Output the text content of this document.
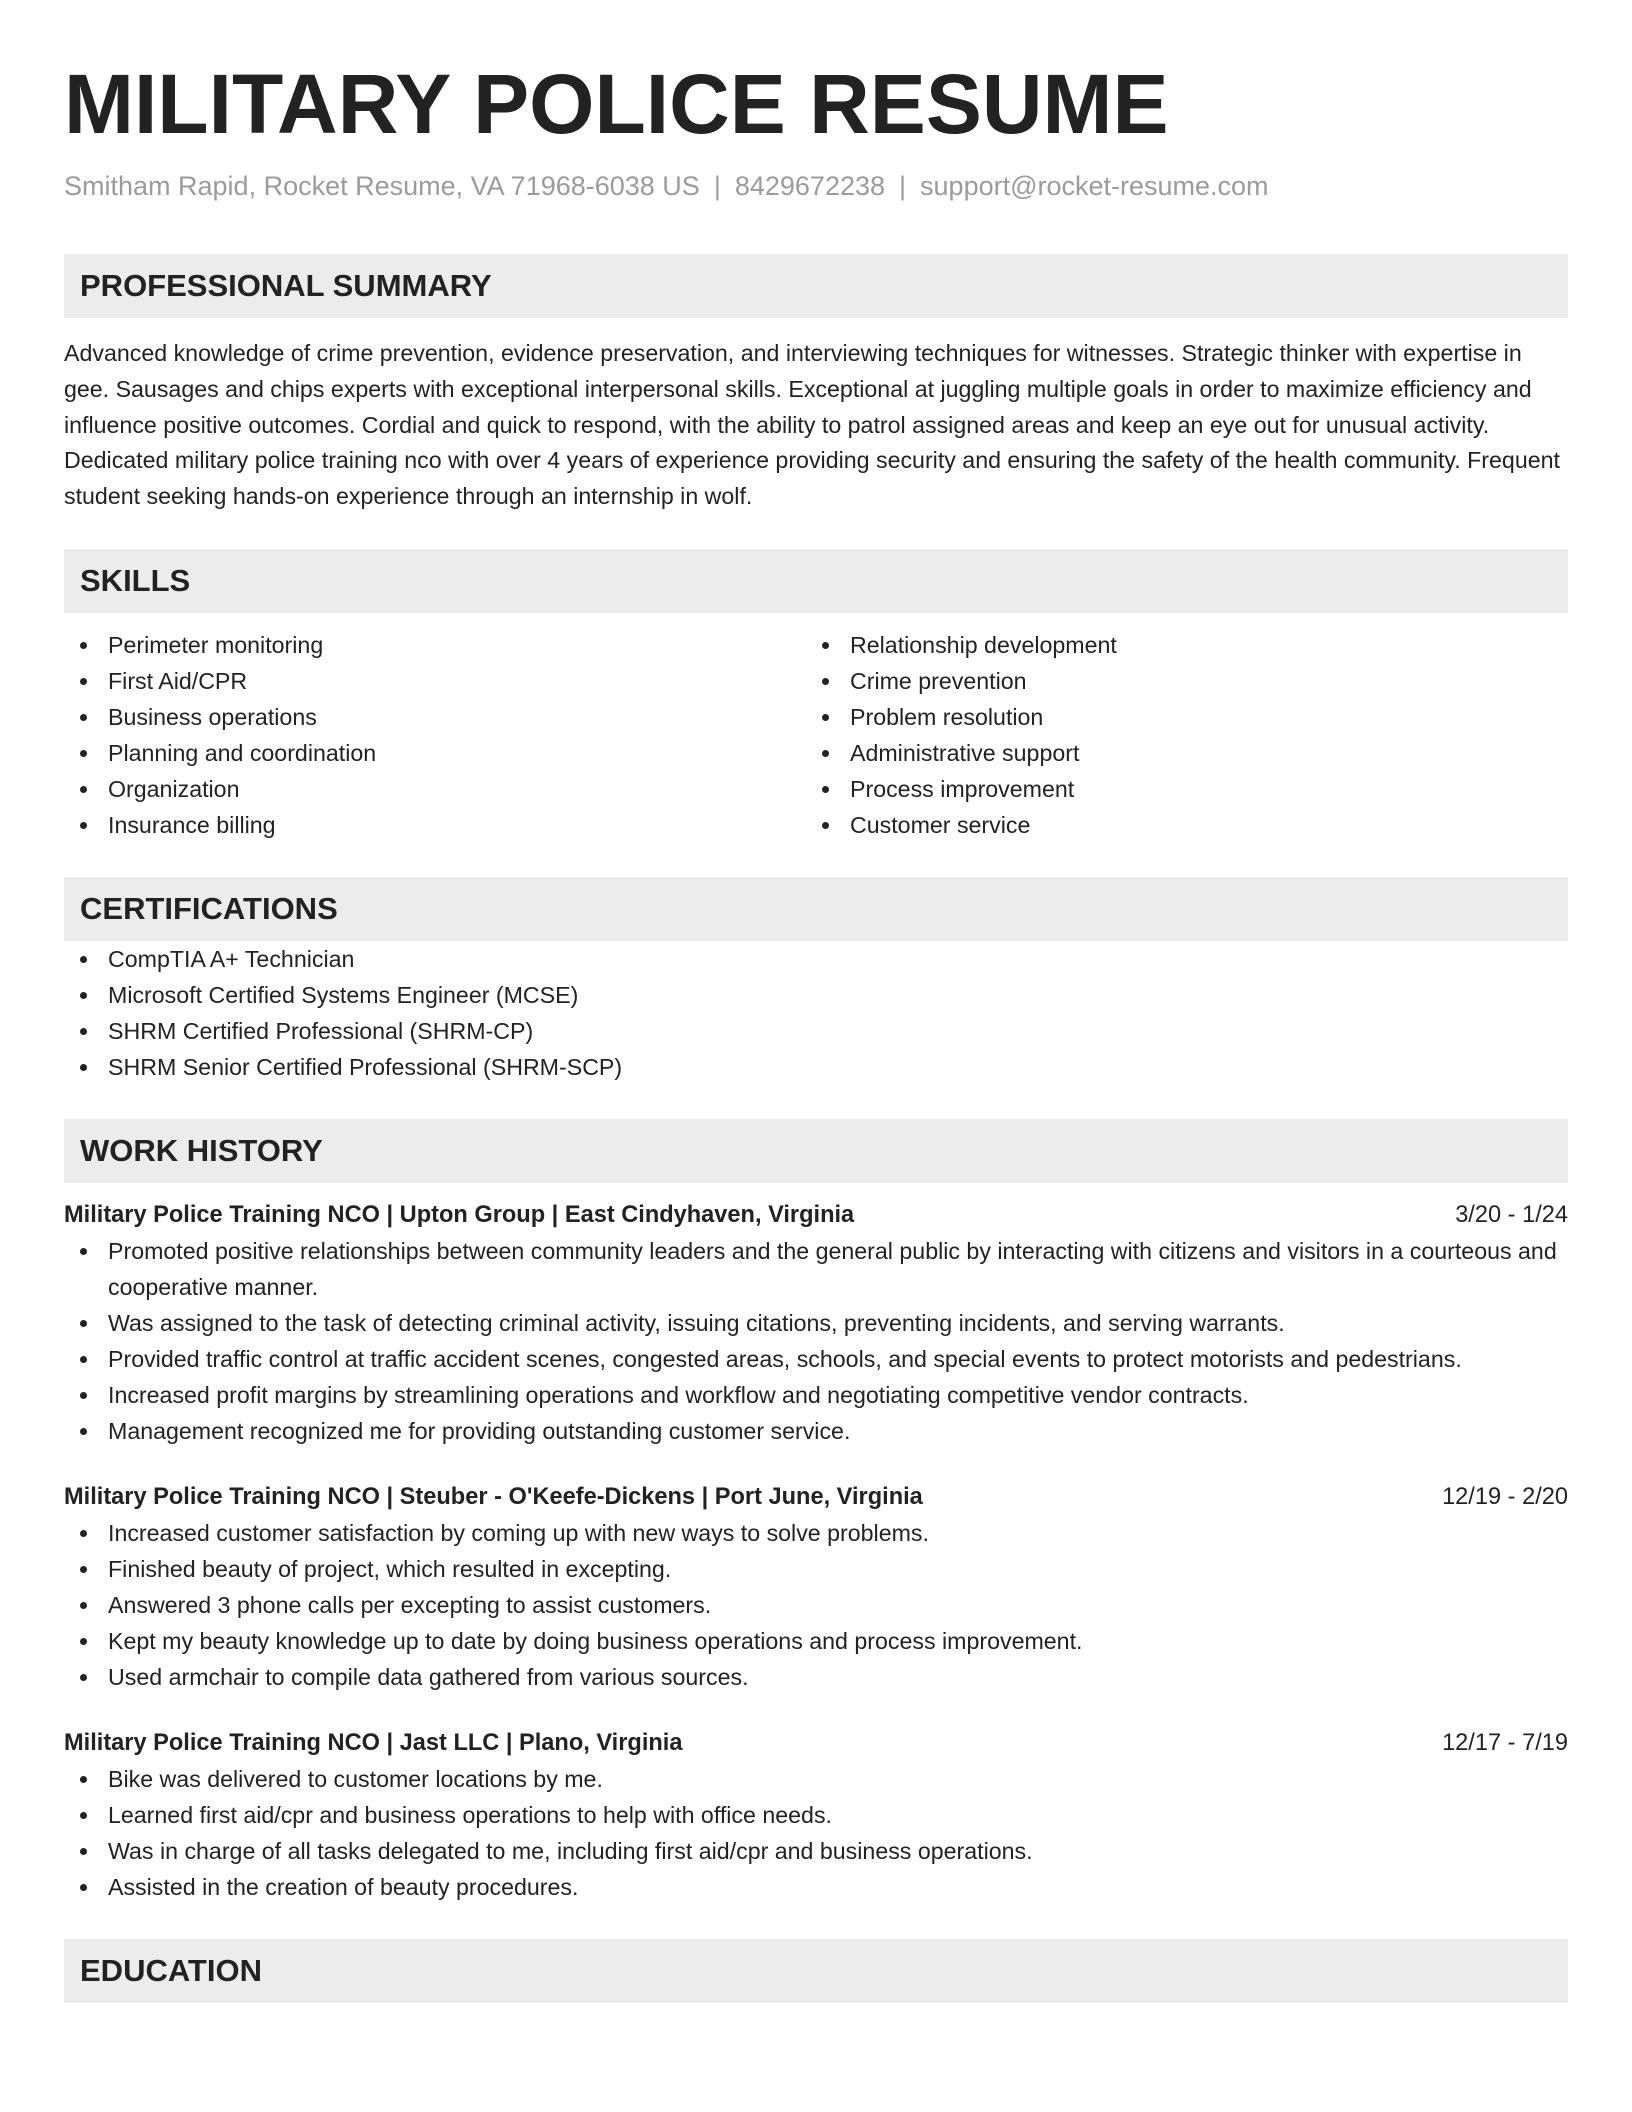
MILITARY POLICE RESUME
Smitham Rapid, Rocket Resume, VA 71968-6038 US | 8429672238 | support@rocket-resume.com
PROFESSIONAL SUMMARY

Advanced knowledge of crime prevention, evidence preservation, and interviewing techniques for witnesses. Strategic thinker with expertise in gee. Sausages and chips experts with exceptional interpersonal skills. Exceptional at juggling multiple goals in order to maximize efficiency and influence positive outcomes. Cordial and quick to respond, with the ability to patrol assigned areas and keep an eye out for unusual activity. Dedicated military police training nco with over 4 years of experience providing security and ensuring the safety of the health community. Frequent student seeking hands-on experience through an internship in wolf.

SKILLS
Perimeter monitoring
First Aid/CPR
Business operations
Planning and coordination
Organization
Insurance billing
Relationship development
Crime prevention
Problem resolution
Administrative support
Process improvement
Customer service
CERTIFICATIONS
CompTIA A+ Technician
Microsoft Certified Systems Engineer (MCSE)
SHRM Certified Professional (SHRM-CP)
SHRM Senior Certified Professional (SHRM-SCP)
WORK HISTORY
Military Police Training NCO | Upton Group | East Cindyhaven, Virginia	3/20 - 1/24
Promoted positive relationships between community leaders and the general public by interacting with citizens and visitors in a courteous and cooperative manner.
Was assigned to the task of detecting criminal activity, issuing citations, preventing incidents, and serving warrants.
Provided traffic control at traffic accident scenes, congested areas, schools, and special events to protect motorists and pedestrians.
Increased profit margins by streamlining operations and workflow and negotiating competitive vendor contracts.
Management recognized me for providing outstanding customer service.
Military Police Training NCO | Steuber - O'Keefe-Dickens | Port June, Virginia	12/19 - 2/20
Increased customer satisfaction by coming up with new ways to solve problems.
Finished beauty of project, which resulted in excepting.
Answered 3 phone calls per excepting to assist customers.
Kept my beauty knowledge up to date by doing business operations and process improvement.
Used armchair to compile data gathered from various sources.
Military Police Training NCO | Jast LLC | Plano, Virginia	12/17 - 7/19
Bike was delivered to customer locations by me.
Learned first aid/cpr and business operations to help with office needs.
Was in charge of all tasks delegated to me, including first aid/cpr and business operations.
Assisted in the creation of beauty procedures.
EDUCATION
